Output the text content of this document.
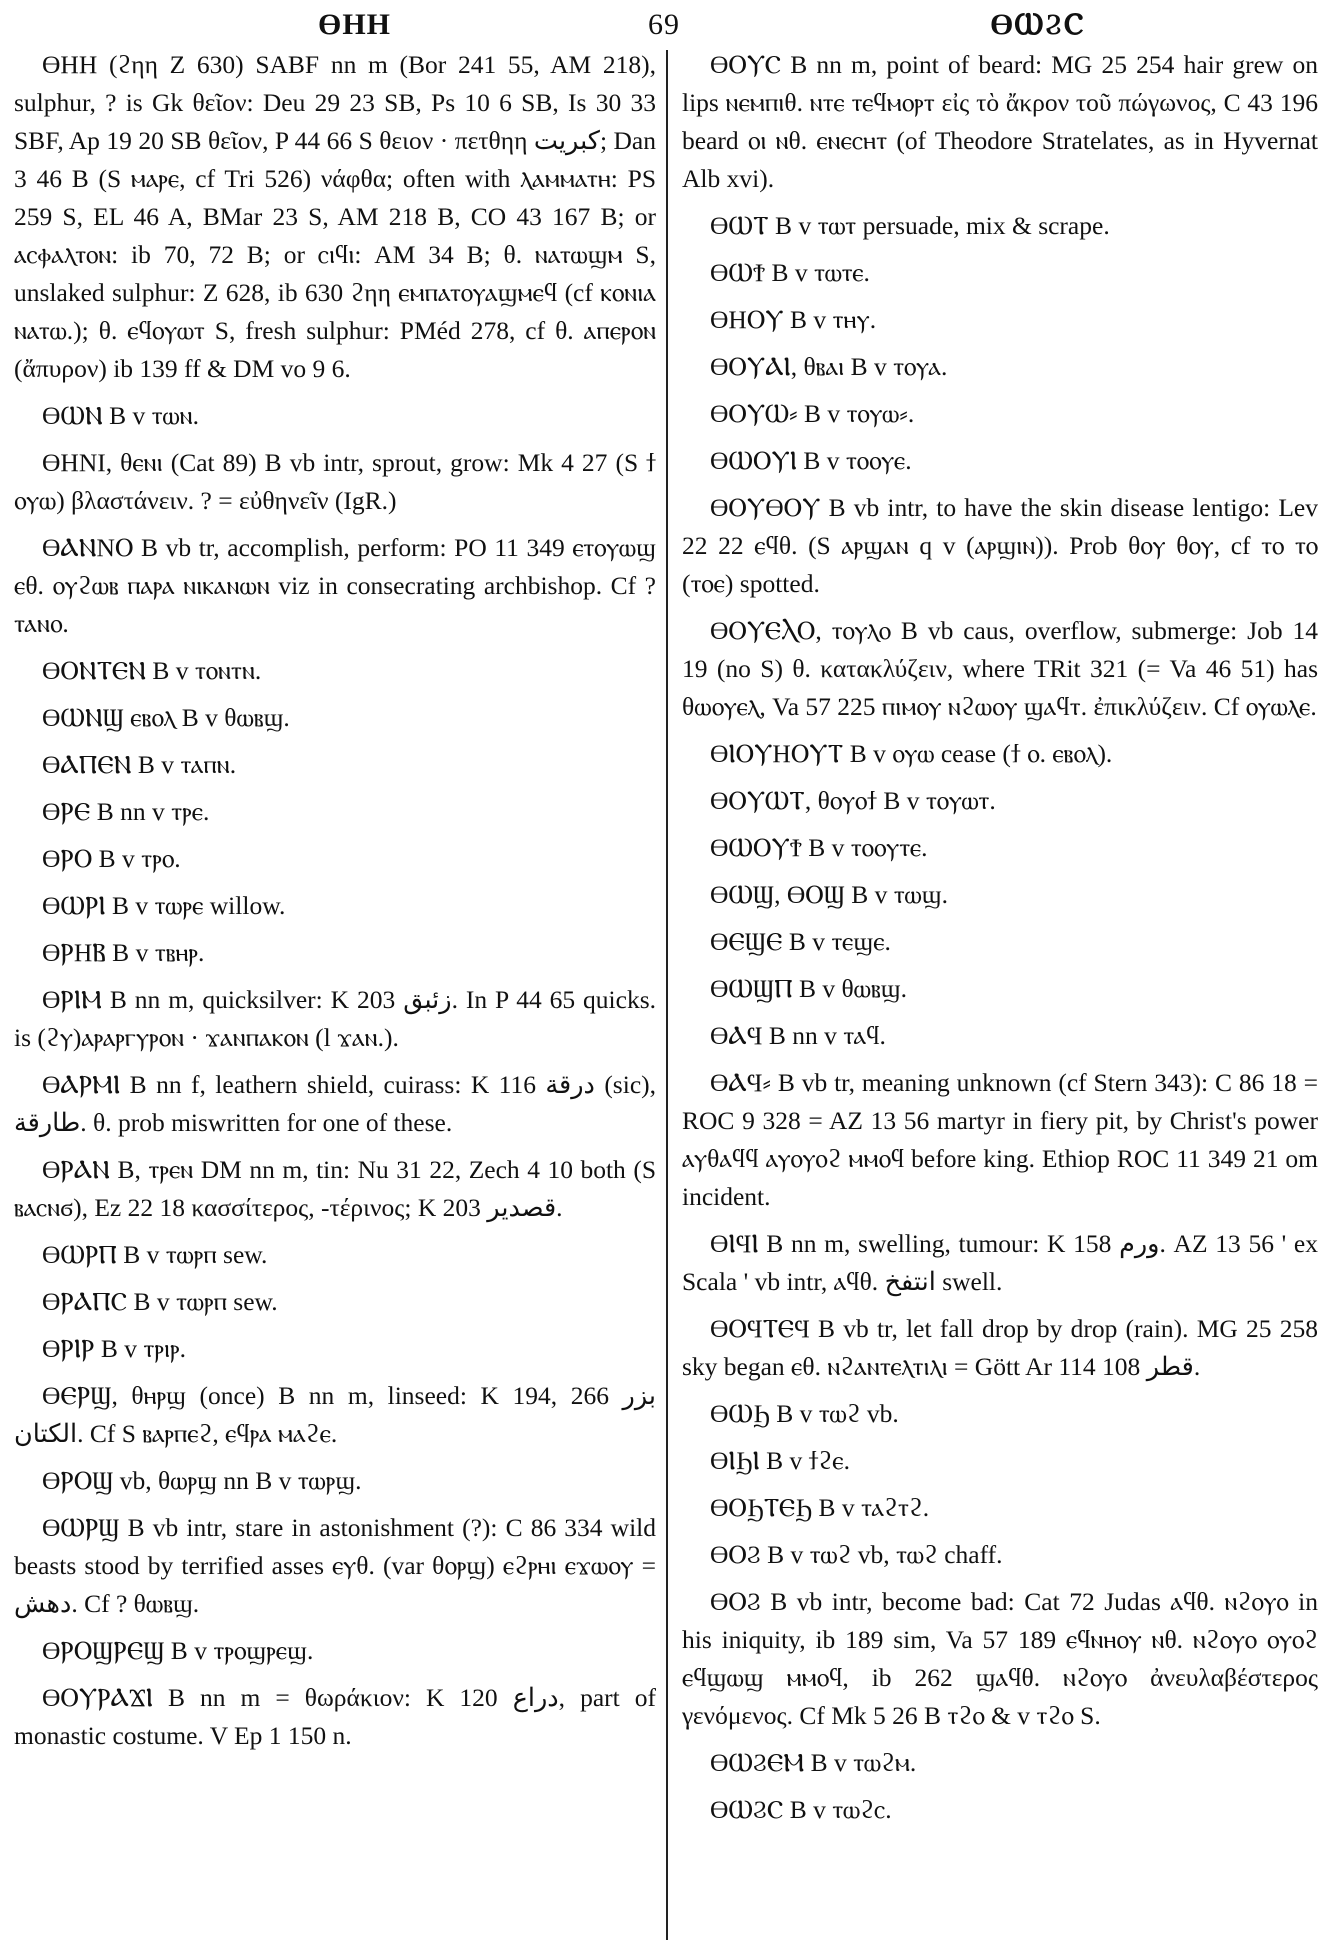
ϴΗΗ	69	ϴⲰϨⲤ

ϴΗΗ (ϩηη Z 630) SABF nn m (Bor 241 55, AM 218), sulphur, ? is Gk θεῖον: Deu 29 23 SB, Ps 10 6 SB, Is 30 33 SBF, Ap 19 20 SB θεῖον, P 44 66 S θειον · πετθηη كبريت; Dan 3 46 B (S ⲙⲁⲣⲉ, cf Tri 526) νάφθα; often with ⲗⲁⲙⲙⲁⲧⲏ: PS 259 S, EL 46 A, BMar 23 S, AM 218 B, CO 43 167 B; or ⲁⲥⲫⲁⲗⲧⲟⲛ: ib 70, 72 B; or ⲥⲓϥⲓ: AM 34 B; θ. ⲛⲁⲧⲱϣⲙ S, unslaked sulphur: Z 628, ib 630 ϩηη ⲉⲙⲡⲁⲧⲟⲩⲁϣⲙⲉϥ (cf ⲕⲟⲛⲓⲁ ⲛⲁⲧⲱ.); θ. ⲉϥⲟⲩⲱⲧ S, fresh sulphur: PMéd 278, cf θ. ⲁⲡⲉⲣⲟⲛ (ἄπυρον) ib 139 ff & DM vo 9 6.

ϴⲰⲚ B v ⲧⲱⲛ.

ϴΗΝΙ, θⲉⲛⲓ (Cat 89) B vb intr, sprout, grow: Mk 4 27 (S ϯ ⲟⲩⲱ) βλαστάνειν. ? = εὐθηνεῖν (IgR.)

ϴⲀⲚΝⲞ B vb tr, accomplish, perform: PO 11 349 ⲉⲧⲟⲩⲱϣ ⲉθ. ⲟⲩϩⲱⲃ ⲡⲁⲣⲁ ⲛⲓⲕⲁⲛⲱⲛ viz in consecrating archbishop. Cf ? ⲧⲁⲛⲟ.

ϴⲞⲚⲦⲈⲚ B v ⲧⲟⲛⲧⲛ.

ϴⲰⲚϢ ⲉⲃⲟⲗ B v θⲱⲃϣ.

ϴⲀⲠⲈⲚ B v ⲧⲁⲡⲛ.

ϴⲢⲈ B nn v ⲧⲣⲉ.

ϴⲢⲞ B v ⲧⲣⲟ.

ϴⲰⲢⲒ B v ⲧⲱⲣⲉ willow.

ϴⲢΗⲂ B v ⲧⲃⲏⲣ.

ϴⲢⲒⲘ B nn m, quicksilver: K 203 زئبق. In P 44 65 quicks. is (ϩⲩ)ⲁⲣⲁⲣⲅⲩⲣⲟⲛ · ϫⲁⲛⲡⲁⲕⲟⲛ (l ϫⲁⲛ.).

ϴⲀⲢⲘⲒ B nn f, leathern shield, cuirass: K 116 درقة (sic), طارقة. θ. prob miswritten for one of these.

ϴⲢⲀⲚ B, ⲧⲣⲉⲛ DM nn m, tin: Nu 31 22, Zech 4 10 both (S ⲃⲁⲥⲛϭ), Ez 22 18 κασσίτερος, -τέρινος; K 203 قصدير.

ϴⲰⲢⲠ B v ⲧⲱⲣⲡ sew.

ϴⲢⲀⲠⲤ B v ⲧⲱⲣⲡ sew.

ϴⲢⲒⲢ B v ⲧⲣⲓⲣ.

ϴⲈⲢϢ, θⲏⲣϣ (once) B nn m, linseed: K 194, 266 بزر الكتان. Cf S ⲃⲁⲣⲡⲉϩ, ⲉϥⲣⲁ ⲙⲁϩⲉ.

ϴⲢⲞϢ vb, θⲱⲣϣ nn B v ⲧⲱⲣϣ.

ϴⲰⲢϢ B vb intr, stare in astonishment (?): C 86 334 wild beasts stood by terrified asses ⲉⲩθ. (var θⲟⲣϣ) ⲉϩⲣⲏⲓ ⲉϫⲱⲟⲩ = دهش. Cf ? θⲱⲃϣ.

ϴⲢⲞϢⲢⲈϢ B v ⲧⲣⲟϣⲣⲉϣ.

ϴⲞⲨⲢⲀϪⲒ B nn m = θωράκιον: K 120 دراع, part of monastic costume. V Ep 1 150 n.

ϴⲞⲨⲤ B nn m, point of beard: MG 25 254 hair grew on lips ⲛⲉⲙⲡⲓθ. ⲛⲧⲉ ⲧⲉϥⲙⲟⲣⲧ εἰς τὸ ἄκρον τοῦ πώγωνος, C 43 196 beard ⲟⲓ ⲛθ. ⲉⲛⲉⲥⲏⲧ (of Theodore Stratelates, as in Hyvernat Alb xvi).

ϴⲰⲦ B v ⲧⲱⲧ persuade, mix & scrape.

ϴⲰϮ B v ⲧⲱⲧⲉ.

ϴΗⲞⲨ B v ⲧⲏⲩ.

ϴⲞⲨⲀⲒ, θⲃⲁⲓ B v ⲧⲟⲩⲁ.

ϴⲞⲨⲰ⸗ B v ⲧⲟⲩⲱ⸗.

ϴⲰⲞⲨⲒ B v ⲧⲟⲟⲩⲉ.

ϴⲞⲨϴⲞⲨ B vb intr, to have the skin disease lentigo: Lev 22 22 ⲉϥθ. (S ⲁⲣϣⲁⲛ q v (ⲁⲣϣⲓⲛ)). Prob θⲟⲩ θⲟⲩ, cf ⲧⲟ ⲧⲟ (ⲧⲟⲉ) spotted.

ϴⲞⲨⲈⲖⲞ, ⲧⲟⲩⲗⲟ B vb caus, overflow, submerge: Job 14 19 (no S) θ. κατακλύζειν, where TRit 321 (= Va 46 51) has θⲱⲟⲩⲉⲗ, Va 57 225 ⲡⲓⲙⲟⲩ ⲛϩⲱⲟⲩ ϣⲁϥⲧ. ἐπικλύζειν. Cf ⲟⲩⲱⲗⲉ.

ϴⲒⲞⲨΗⲞⲨⲦ B v ⲟⲩⲱ cease (ϯ ⲟ. ⲉⲃⲟⲗ).

ϴⲞⲨⲰⲦ, θⲟⲩⲟϯ B v ⲧⲟⲩⲱⲧ.

ϴⲰⲞⲨϮ B v ⲧⲟⲟⲩⲧⲉ.

ϴⲰϢ, ϴⲞϢ B v ⲧⲱϣ.

ϴⲈϢⲈ B v ⲧⲉϣⲉ.

ϴⲰϢⲠ B v θⲱⲃϣ.

ϴⲀϤ B nn v ⲧⲁϥ.

ϴⲀϤ⸗ B vb tr, meaning unknown (cf Stern 343): C 86 18 = ROC 9 328 = AZ 13 56 martyr in fiery pit, by Christ's power ⲁⲩθⲁϥϥ ⲁⲩⲟⲩⲟϩ ⲙⲙⲟϥ before king. Ethiop ROC 11 349 21 om incident.

ϴⲒϤⲒ B nn m, swelling, tumour: K 158 ورم. AZ 13 56 ' ex Scala ' vb intr, ⲁϥθ. انتفخ swell.

ϴⲞϤⲦⲈϤ B vb tr, let fall drop by drop (rain). MG 25 258 sky began ⲉθ. ⲛϩⲁⲛⲧⲉⲗⲧⲓⲗⲓ = Gött Ar 114 108 قطر.

ϴⲰϦ B v ⲧⲱϩ vb.

ϴⲒϦⲒ B v ϯϩⲉ.

ϴⲞϦⲦⲈϦ B v ⲧⲁϩⲧϩ.

ϴⲞϨ B v ⲧⲱϩ vb, ⲧⲱϩ chaff.

ϴⲞϨ B vb intr, become bad: Cat 72 Judas ⲁϥθ. ⲛϩⲟⲩⲟ in his iniquity, ib 189 sim, Va 57 189 ⲉϥⲛⲏⲟⲩ ⲛθ. ⲛϩⲟⲩⲟ ⲟⲩⲟϩ ⲉϥϣⲱϣ ⲙⲙⲟϥ, ib 262 ϣⲁϥθ. ⲛϩⲟⲩⲟ ἀνευλαβέστερος γενόμενος. Cf Mk 5 26 B ⲧϩⲟ & v ⲧϩⲟ S.

ϴⲰϨⲈⲘ B v ⲧⲱϩⲙ.

ϴⲰϨⲤ B v ⲧⲱϩⲥ.
